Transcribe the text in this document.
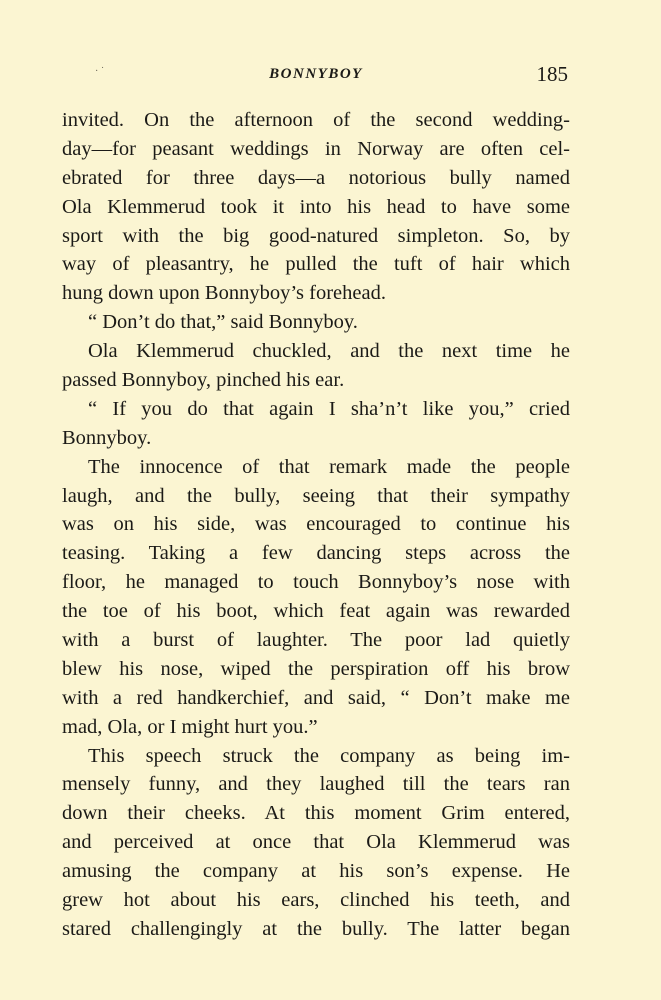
· ˙	BONNYBOY	185
invited. On the afternoon of the second wedding-
day—for peasant weddings in Norway are often cel-
ebrated for three days—a notorious bully named
Ola Klemmerud took it into his head to have some
sport with the big good-natured simpleton. So, by
way of pleasantry, he pulled the tuft of hair which
hung down upon Bonnyboy’s forehead.
“ Don’t do that,” said Bonnyboy.
Ola Klemmerud chuckled, and the next time he
passed Bonnyboy, pinched his ear.
“ If you do that again I sha’n’t like you,” cried
Bonnyboy.
The innocence of that remark made the people
laugh, and the bully, seeing that their sympathy
was on his side, was encouraged to continue his
teasing. Taking a few dancing steps across the
floor, he managed to touch Bonnyboy’s nose with
the toe of his boot, which feat again was rewarded
with a burst of laughter. The poor lad quietly
blew his nose, wiped the perspiration off his brow
with a red handkerchief, and said, “ Don’t make me
mad, Ola, or I might hurt you.”
This speech struck the company as being im-
mensely funny, and they laughed till the tears ran
down their cheeks. At this moment Grim entered,
and perceived at once that Ola Klemmerud was
amusing the company at his son’s expense. He
grew hot about his ears, clinched his teeth, and
stared challengingly at the bully. The latter began
